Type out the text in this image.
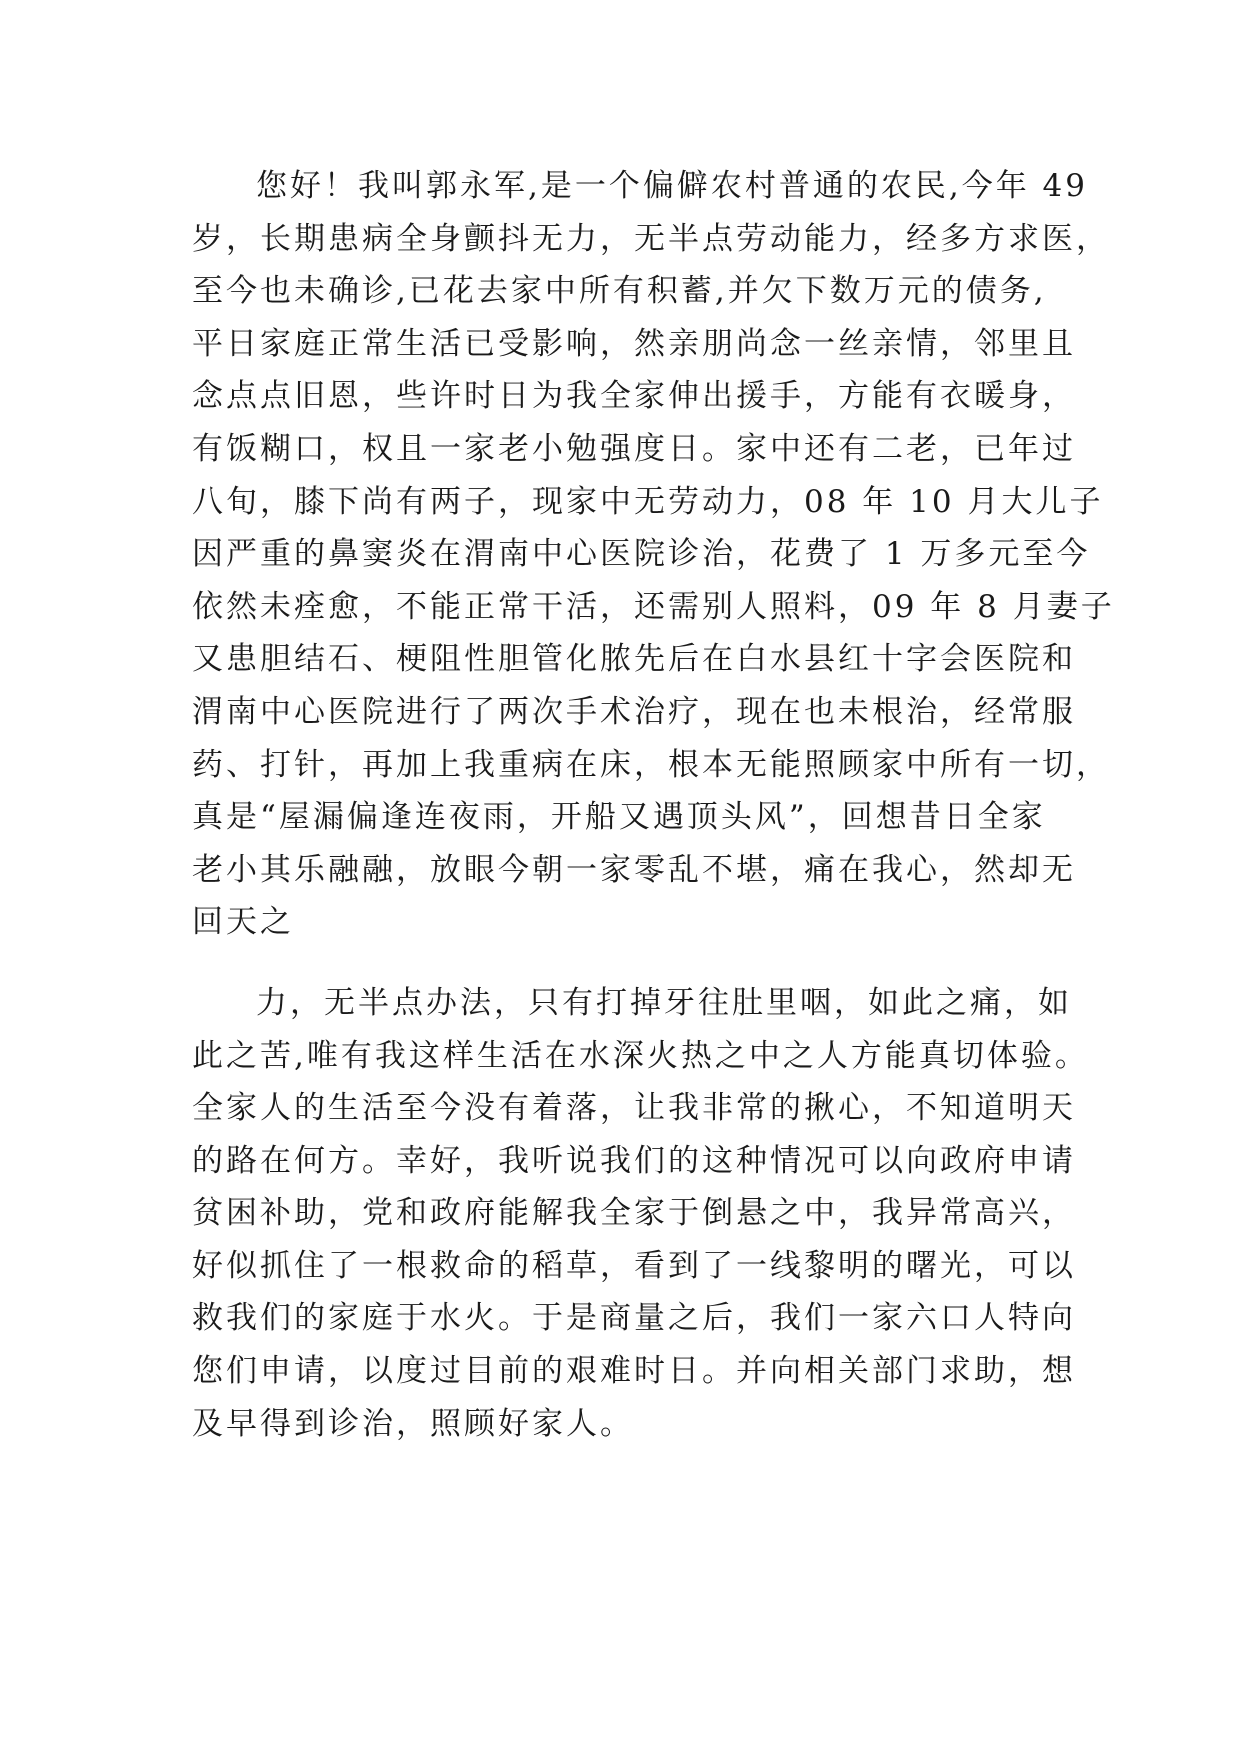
您好！我叫郭永军,是一个偏僻农村普通的农民,今年 49
岁，长期患病全身颤抖无力，无半点劳动能力，经多方求医，
至今也未确诊,已花去家中所有积蓄,并欠下数万元的债务,
平日家庭正常生活已受影响，然亲朋尚念一丝亲情，邻里且
念点点旧恩，些许时日为我全家伸出援手，方能有衣暖身，
有饭糊口，权且一家老小勉强度日。家中还有二老，已年过
八旬，膝下尚有两子，现家中无劳动力，08 年 10 月大儿子
因严重的鼻窦炎在渭南中心医院诊治，花费了 1 万多元至今
依然未痊愈，不能正常干活，还需别人照料，09 年 8 月妻子
又患胆结石、梗阻性胆管化脓先后在白水县红十字会医院和
渭南中心医院进行了两次手术治疗，现在也未根治，经常服
药、打针，再加上我重病在床，根本无能照顾家中所有一切，
真是“屋漏偏逢连夜雨，开船又遇顶头风”，回想昔日全家
老小其乐融融，放眼今朝一家零乱不堪，痛在我心，然却无
回天之
力，无半点办法，只有打掉牙往肚里咽，如此之痛，如
此之苦,唯有我这样生活在水深火热之中之人方能真切体验。
全家人的生活至今没有着落，让我非常的揪心，不知道明天
的路在何方。幸好，我听说我们的这种情况可以向政府申请
贫困补助，党和政府能解我全家于倒悬之中，我异常高兴，
好似抓住了一根救命的稻草，看到了一线黎明的曙光，可以
救我们的家庭于水火。于是商量之后，我们一家六口人特向
您们申请，以度过目前的艰难时日。并向相关部门求助，想
及早得到诊治，照顾好家人。
